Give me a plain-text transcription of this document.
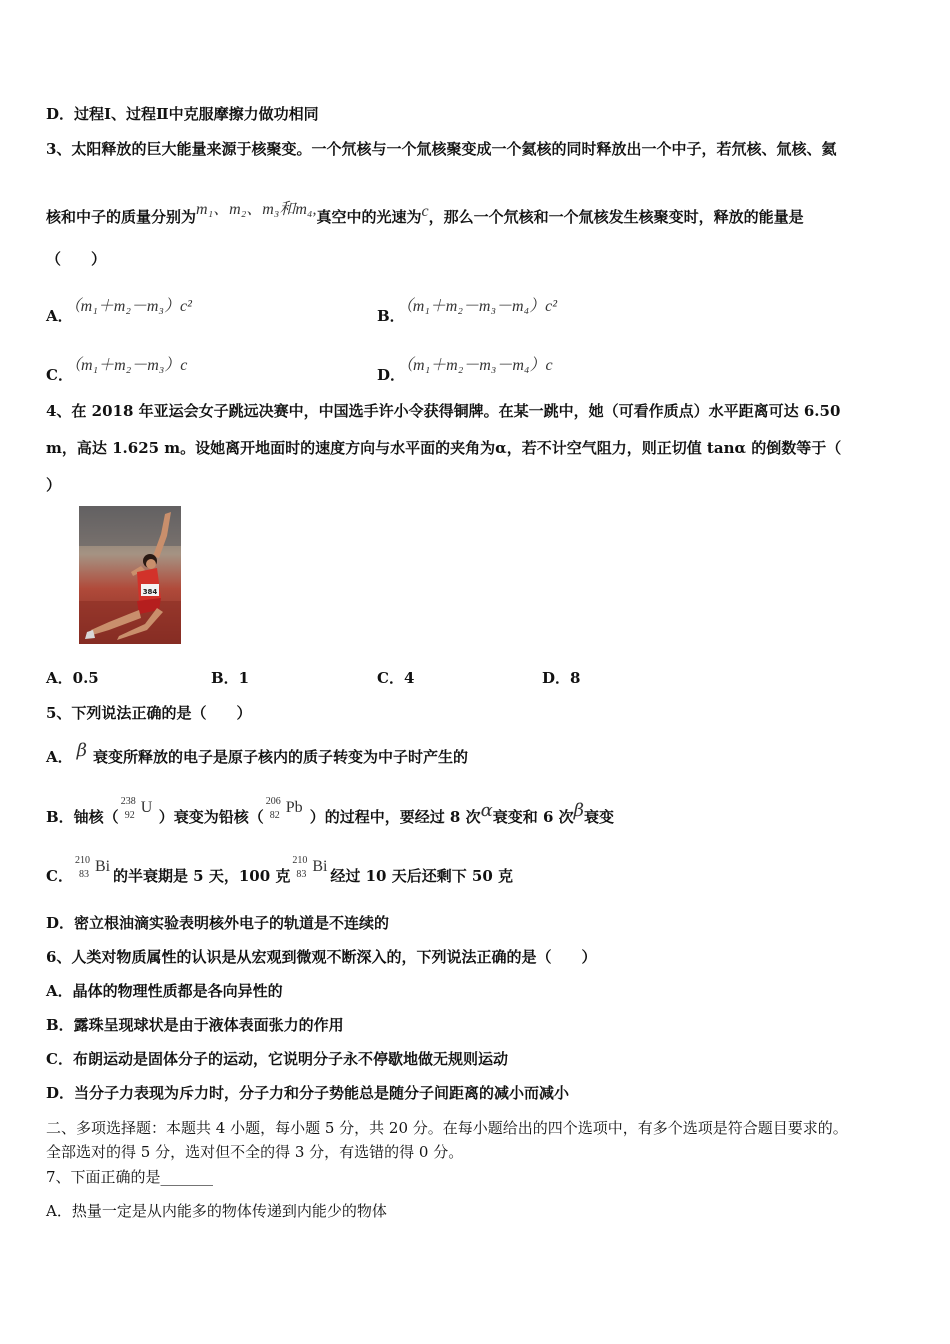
D．过程Ⅰ、过程Ⅱ中克服摩擦力做功相同
3、太阳释放的巨大能量来源于核聚变。一个氘核与一个氚核聚变成一个氦核的同时释放出一个中子，若氘核、氚核、氦
核和中子的质量分别为m₁、m₂、m₃和m₄,真空中的光速为c，那么一个氘核和一个氚核发生核聚变时，释放的能量是
（　　）
A．（m₁＋m₂－m₃）c²
B．（m₁＋m₂－m₃－m₄）c²
C．（m₁＋m₂－m₃）c
D．（m₁＋m₂－m₃－m₄）c
4、在 2018 年亚运会女子跳远决赛中，中国选手许小令获得铜牌。在某一跳中，她（可看作质点）水平距离可达 6.50
m，高达 1.625 m。设她离开地面时的速度方向与水平面的夹角为α，若不计空气阻力，则正切值 tanα 的倒数等于（
）
384
A．0.5	B．1	C．4	D．8
5、下列说法正确的是（　　）
A． β 衰变所释放的电子是原子核内的质子转变为中子时产生的
B．铀核（
238
92 U
）衰变为铅核（
206
82 Pb
）的过程中，要经过 8 次α衰变和 6 次β衰变
C．
210
83 Bi
的半衰期是 5 天，100 克
210
83 Bi
经过 10 天后还剩下 50 克
D．密立根油滴实验表明核外电子的轨道是不连续的
6、人类对物质属性的认识是从宏观到微观不断深入的，下列说法正确的是（　　）
A．晶体的物理性质都是各向异性的
B．露珠呈现球状是由于液体表面张力的作用
C．布朗运动是固体分子的运动，它说明分子永不停歇地做无规则运动
D．当分子力表现为斥力时，分子力和分子势能总是随分子间距离的减小而减小
二、多项选择题：本题共 4 小题，每小题 5 分，共 20 分。在每小题给出的四个选项中，有多个选项是符合题目要求的。
全部选对的得 5 分，选对但不全的得 3 分，有选错的得 0 分。
7、下面正确的是_______
A．热量一定是从内能多的物体传递到内能少的物体
